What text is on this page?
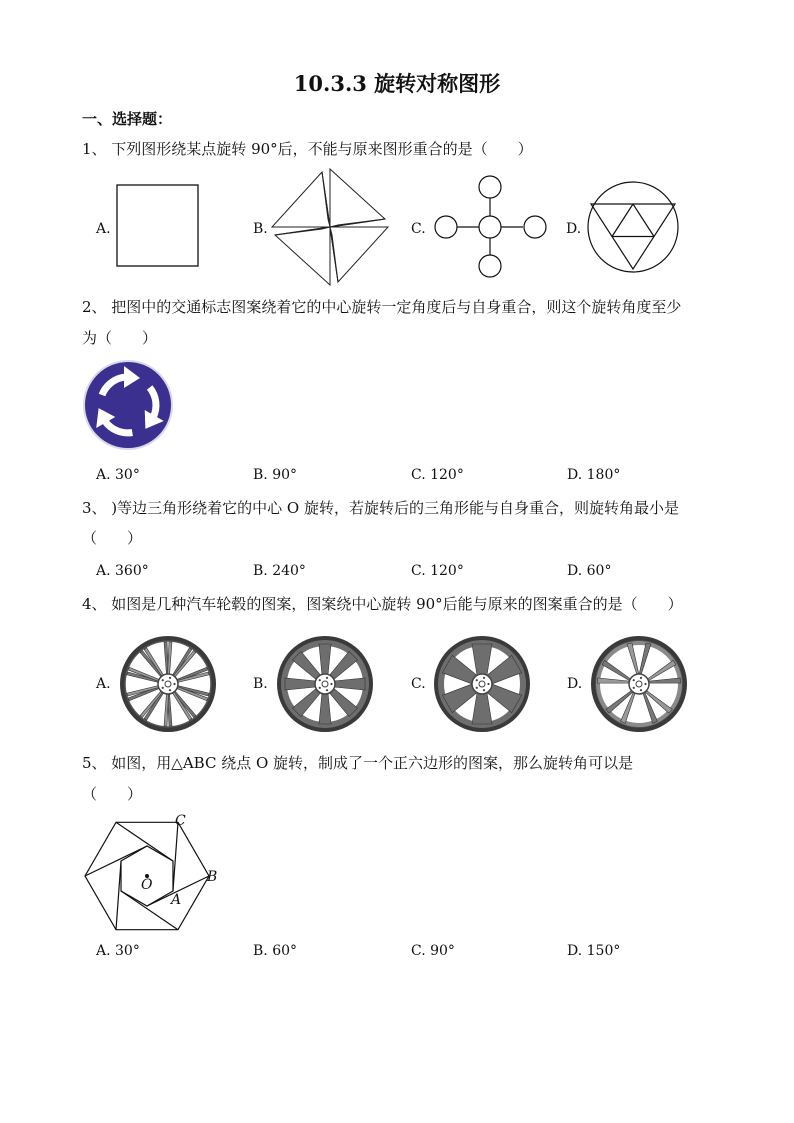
10.3.3 旋转对称图形
一、选择题：
1、 下列图形绕某点旋转 90°后，不能与原来图形重合的是（　　）
A.	B.	C.	D.
2、 把图中的交通标志图案绕着它的中心旋转一定角度后与自身重合，则这个旋转角度至少
为（　　）
A. 30°	B. 90°	C. 120°	D. 180°
3、 )等边三角形绕着它的中心 O 旋转，若旋转后的三角形能与自身重合，则旋转角最小是
（　　）
A. 360°	B. 240°	C. 120°	D. 60°
4、 如图是几种汽车轮毂的图案，图案绕中心旋转 90°后能与原来的图案重合的是（　　）
A.	B.	C.	D.
5、 如图，用△ABC 绕点 O 旋转，制成了一个正六边形的图案，那么旋转角可以是
（　　）
C
B
A
O
A. 30°	B. 60°	C. 90°	D. 150°
